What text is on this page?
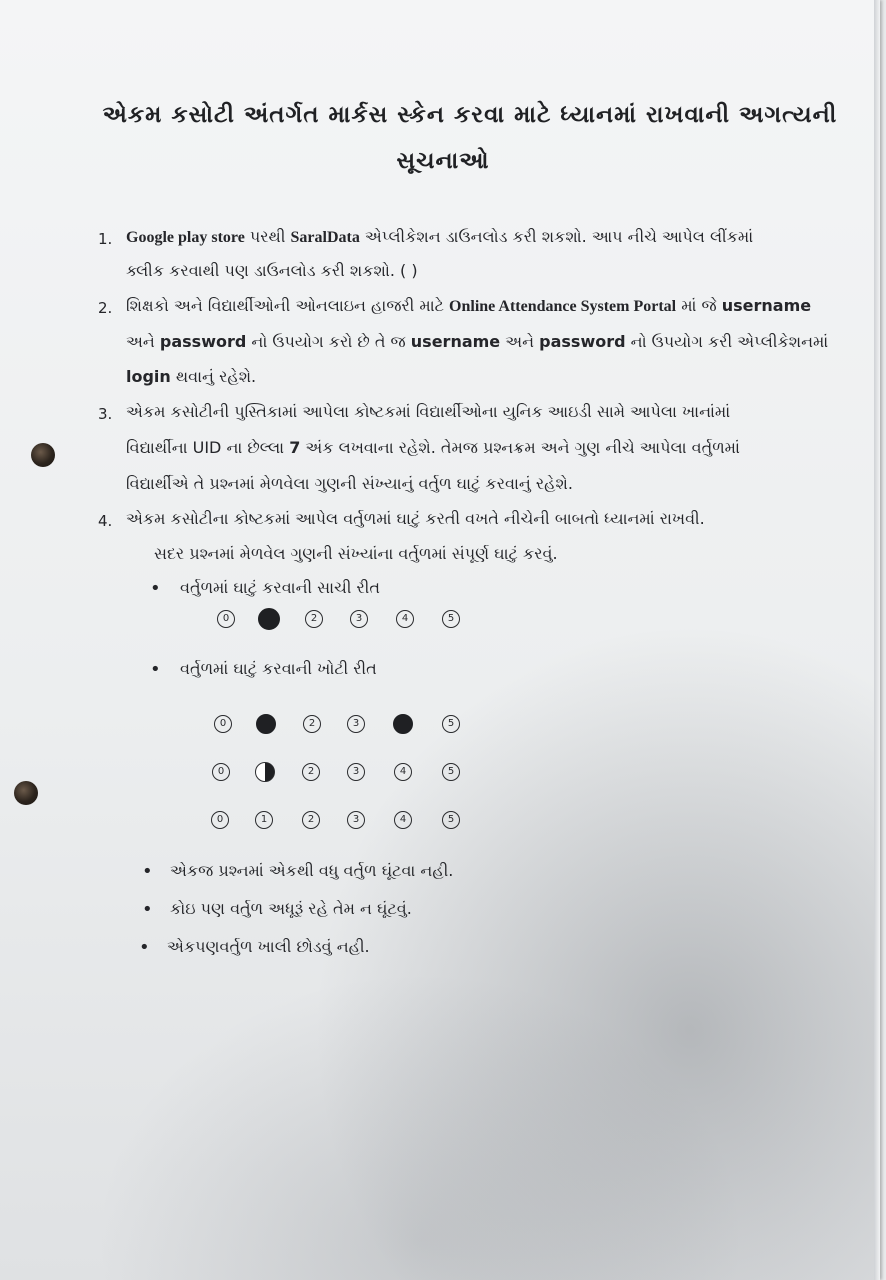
એકમ કસોટી અંતર્ગત માર્કસ સ્કેન કરવા માટે ધ્યાનમાં રાખવાની અગત્યની
સૂચનાઓ
1. Google play store પરથી SaralData એપ્લીકેશન ડાઉનલોડ કરી શકશો. આપ નીચે આપેલ લીંકમાં
ક્લીક કરવાથી પણ ડાઉનલોડ કરી શકશો. ( )
2. શિક્ષકો અને વિદ્યાર્થીઓની ઓનલાઇન હાજરી માટે Online Attendance System Portal માં જે username
અને password નો ઉપયોગ કરો છે તે જ username અને password નો ઉપયોગ કરી એપ્લીકેશનમાં
login થવાનું રહેશે.
3. એકમ કસોટીની પુસ્તિકામાં આપેલા કોષ્ટકમાં વિદ્યાર્થીઓના યુનિક આઇડી સામે આપેલા ખાનાંમાં
વિદ્યાર્થીના UID ના છેલ્લા 7 અંક લખવાના રહેશે. તેમજ પ્રશ્નક્રમ અને ગુણ નીચે આપેલા વર્તુળમાં
વિદ્યાર્થીએ તે પ્રશ્નમાં મેળવેલા ગુણની સંખ્યાનું વર્તુળ ઘાટું કરવાનું રહેશે.
4. એકમ કસોટીના કોષ્ટકમાં આપેલ વર્તુળમાં ઘાટું કરતી વખતે નીચેની બાબતો ધ્યાનમાં રાખવી.
સદર પ્રશ્નમાં મેળવેલ ગુણની સંખ્યાંના વર્તુળમાં સંપૂર્ણ ઘાટું કરવું.
• વર્તુળમાં ઘાટું કરવાની સાચી રીત
0	2	3	4	5
• વર્તુળમાં ઘાટું કરવાની ખોટી રીત
0	2	3	5
0	2	3	4	5
0	1	2	3	4	5
• એકજ પ્રશ્નમાં એકથી વધુ વર્તુળ ઘૂંટવા નહી.
• કોઇ પણ વર્તુળ અધૂરૂં રહે તેમ ન ઘૂંટવું.
• એકપણવર્તુળ ખાલી છોડવું નહી.
